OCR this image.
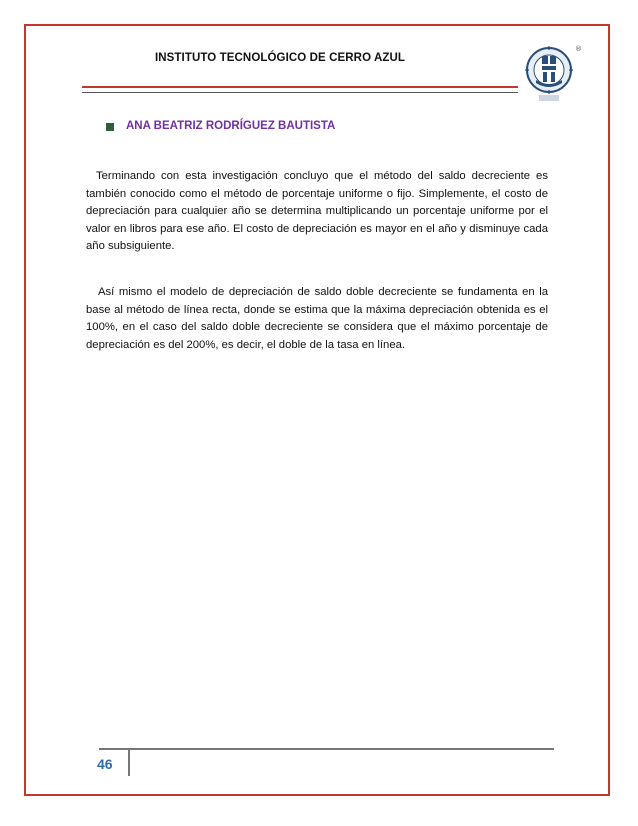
INSTITUTO TECNOLÓGICO DE CERRO AZUL
®
ANA BEATRIZ RODRÍGUEZ BAUTISTA
Terminando con esta investigación concluyo que el método del saldo decreciente es también conocido como el método de porcentaje uniforme o fijo. Simplemente, el costo de depreciación para cualquier año se determina multiplicando un porcentaje uniforme por el valor en libros para ese año. El costo de depreciación es mayor en el año y disminuye cada año subsiguiente.
Así mismo el modelo de depreciación de saldo doble decreciente se fundamenta en la base al método de línea recta, donde se estima que la máxima depreciación obtenida es el 100%, en el caso del saldo doble decreciente se considera que el máximo porcentaje de depreciación es del 200%, es decir, el doble de la tasa en línea.
46
